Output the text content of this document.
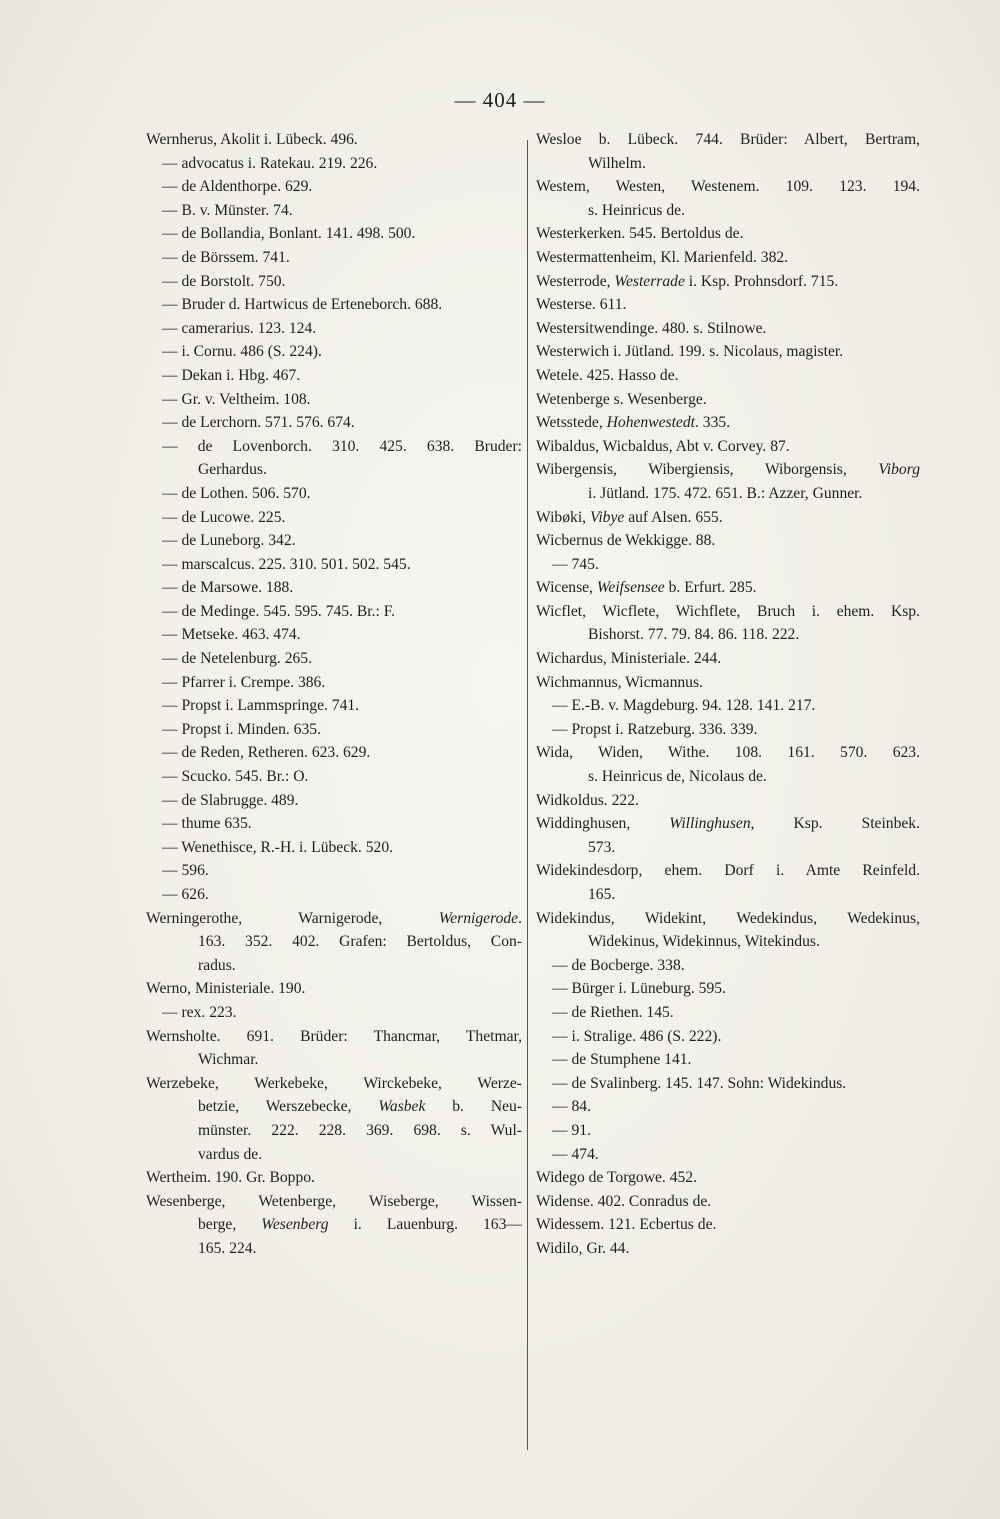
— 404 —
Wernherus, Akolit i. Lübeck. 496.
— advocatus i. Ratekau. 219. 226.
— de Aldenthorpe. 629.
— B. v. Münster. 74.
— de Bollandia, Bonlant. 141. 498. 500.
— de Börssem. 741.
— de Borstolt. 750.
— Bruder d. Hartwicus de Erteneborch. 688.
— camerarius. 123. 124.
— i. Cornu. 486 (S. 224).
— Dekan i. Hbg. 467.
— Gr. v. Veltheim. 108.
— de Lerchorn. 571. 576. 674.
— de Lovenborch. 310. 425. 638. Bruder:
Gerhardus.
— de Lothen. 506. 570.
— de Lucowe. 225.
— de Luneborg. 342.
— marscalcus. 225. 310. 501. 502. 545.
— de Marsowe. 188.
— de Medinge. 545. 595. 745. Br.: F.
— Metseke. 463. 474.
— de Netelenburg. 265.
— Pfarrer i. Crempe. 386.
— Propst i. Lammspringe. 741.
— Propst i. Minden. 635.
— de Reden, Retheren. 623. 629.
— Scucko. 545. Br.: O.
— de Slabrugge. 489.
— thume 635.
— Wenethisce, R.-H. i. Lübeck. 520.
— 596.
— 626.
Werningerothe, Warnigerode, Wernigerode.
163. 352. 402. Grafen: Bertoldus, Con-
radus.
Werno, Ministeriale. 190.
— rex. 223.
Wernsholte. 691. Brüder: Thancmar, Thetmar,
Wichmar.
Werzebeke, Werkebeke, Wirckebeke, Werze-
betzie, Werszebecke, Wasbek b. Neu-
münster. 222. 228. 369. 698. s. Wul-
vardus de.
Wertheim. 190. Gr. Boppo.
Wesenberge, Wetenberge, Wiseberge, Wissen-
berge, Wesenberg i. Lauenburg. 163—
165. 224.
Wesloe b. Lübeck. 744. Brüder: Albert, Bertram,
Wilhelm.
Westem, Westen, Westenem. 109. 123. 194.
s. Heinricus de.
Westerkerken. 545. Bertoldus de.
Westermattenheim, Kl. Marienfeld. 382.
Westerrode, Westerrade i. Ksp. Prohnsdorf. 715.
Westerse. 611.
Westersitwendinge. 480. s. Stilnowe.
Westerwich i. Jütland. 199. s. Nicolaus, magister.
Wetele. 425. Hasso de.
Wetenberge s. Wesenberge.
Wetsstede, Hohenwestedt. 335.
Wibaldus, Wicbaldus, Abt v. Corvey. 87.
Wibergensis, Wibergiensis, Wiborgensis, Viborg
i. Jütland. 175. 472. 651. B.: Azzer, Gunner.
Wibøki, Vibye auf Alsen. 655.
Wicbernus de Wekkigge. 88.
— 745.
Wicense, Weifsensee b. Erfurt. 285.
Wicflet, Wicflete, Wichflete, Bruch i. ehem. Ksp.
Bishorst. 77. 79. 84. 86. 118. 222.
Wichardus, Ministeriale. 244.
Wichmannus, Wicmannus.
— E.-B. v. Magdeburg. 94. 128. 141. 217.
— Propst i. Ratzeburg. 336. 339.
Wida, Widen, Withe. 108. 161. 570. 623.
s. Heinricus de, Nicolaus de.
Widkoldus. 222.
Widdinghusen, Willinghusen, Ksp. Steinbek.
573.
Widekindesdorp, ehem. Dorf i. Amte Reinfeld.
165.
Widekindus, Widekint, Wedekindus, Wedekinus,
Widekinus, Widekinnus, Witekindus.
— de Bocberge. 338.
— Bürger i. Lüneburg. 595.
— de Riethen. 145.
— i. Stralige. 486 (S. 222).
— de Stumphene 141.
— de Svalinberg. 145. 147. Sohn: Widekindus.
— 84.
— 91.
— 474.
Widego de Torgowe. 452.
Widense. 402. Conradus de.
Widessem. 121. Ecbertus de.
Widilo, Gr. 44.
